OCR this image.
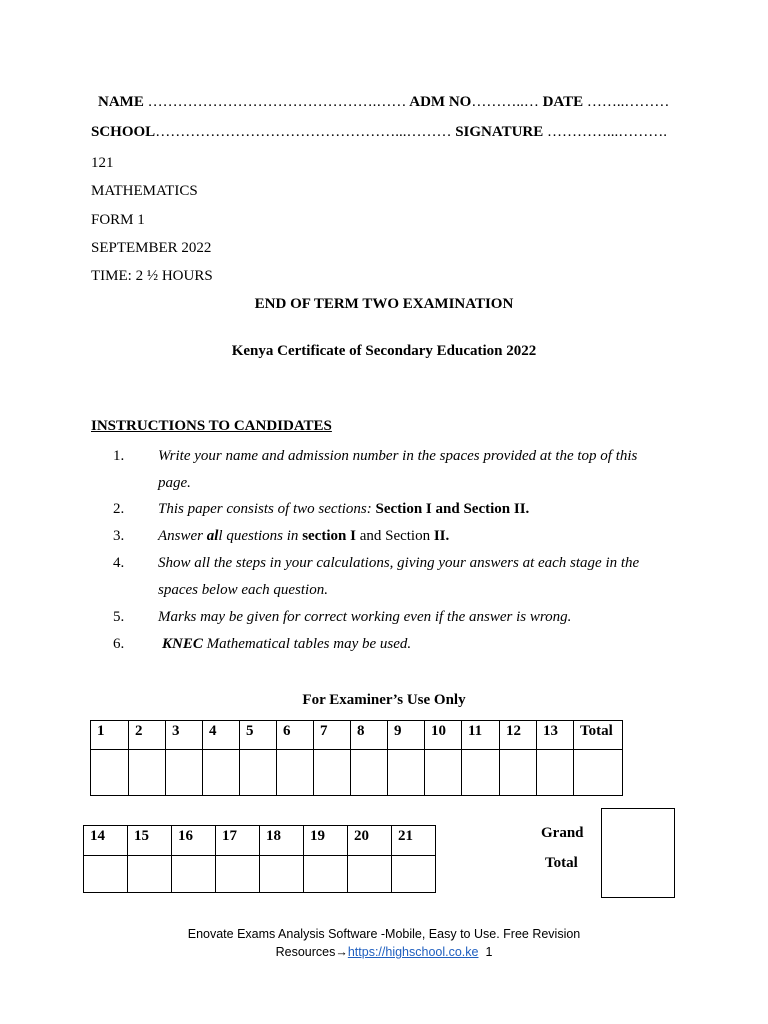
NAME ……………………………………….…… ADM NO………..… DATE ……..………
SCHOOL…………………………………………...……… SIGNATURE …………...……….
121
MATHEMATICS
FORM 1
SEPTEMBER 2022
TIME: 2 ½ HOURS
END OF TERM TWO EXAMINATION
Kenya Certificate of Secondary Education 2022
INSTRUCTIONS TO CANDIDATES
1. Write your name and admission number in the spaces provided at the top of this
page.
2. This paper consists of two sections: Section I and Section II.
3. Answer all questions in section I and Section II.
4. Show all the steps in your calculations, giving your answers at each stage in the
spaces below each question.
5. Marks may be given for correct working even if the answer is wrong.
6.	KNEC Mathematical tables may be used.
For Examiner’s Use Only
1	2	3	4	5	6	7	8	9	10	11	12	13	Total

14	15	16	17	18	19	20	21
								Grand
Total
Enovate Exams Analysis Software -Mobile, Easy to Use. Free Revision
Resources→https://highschool.co.ke 1
